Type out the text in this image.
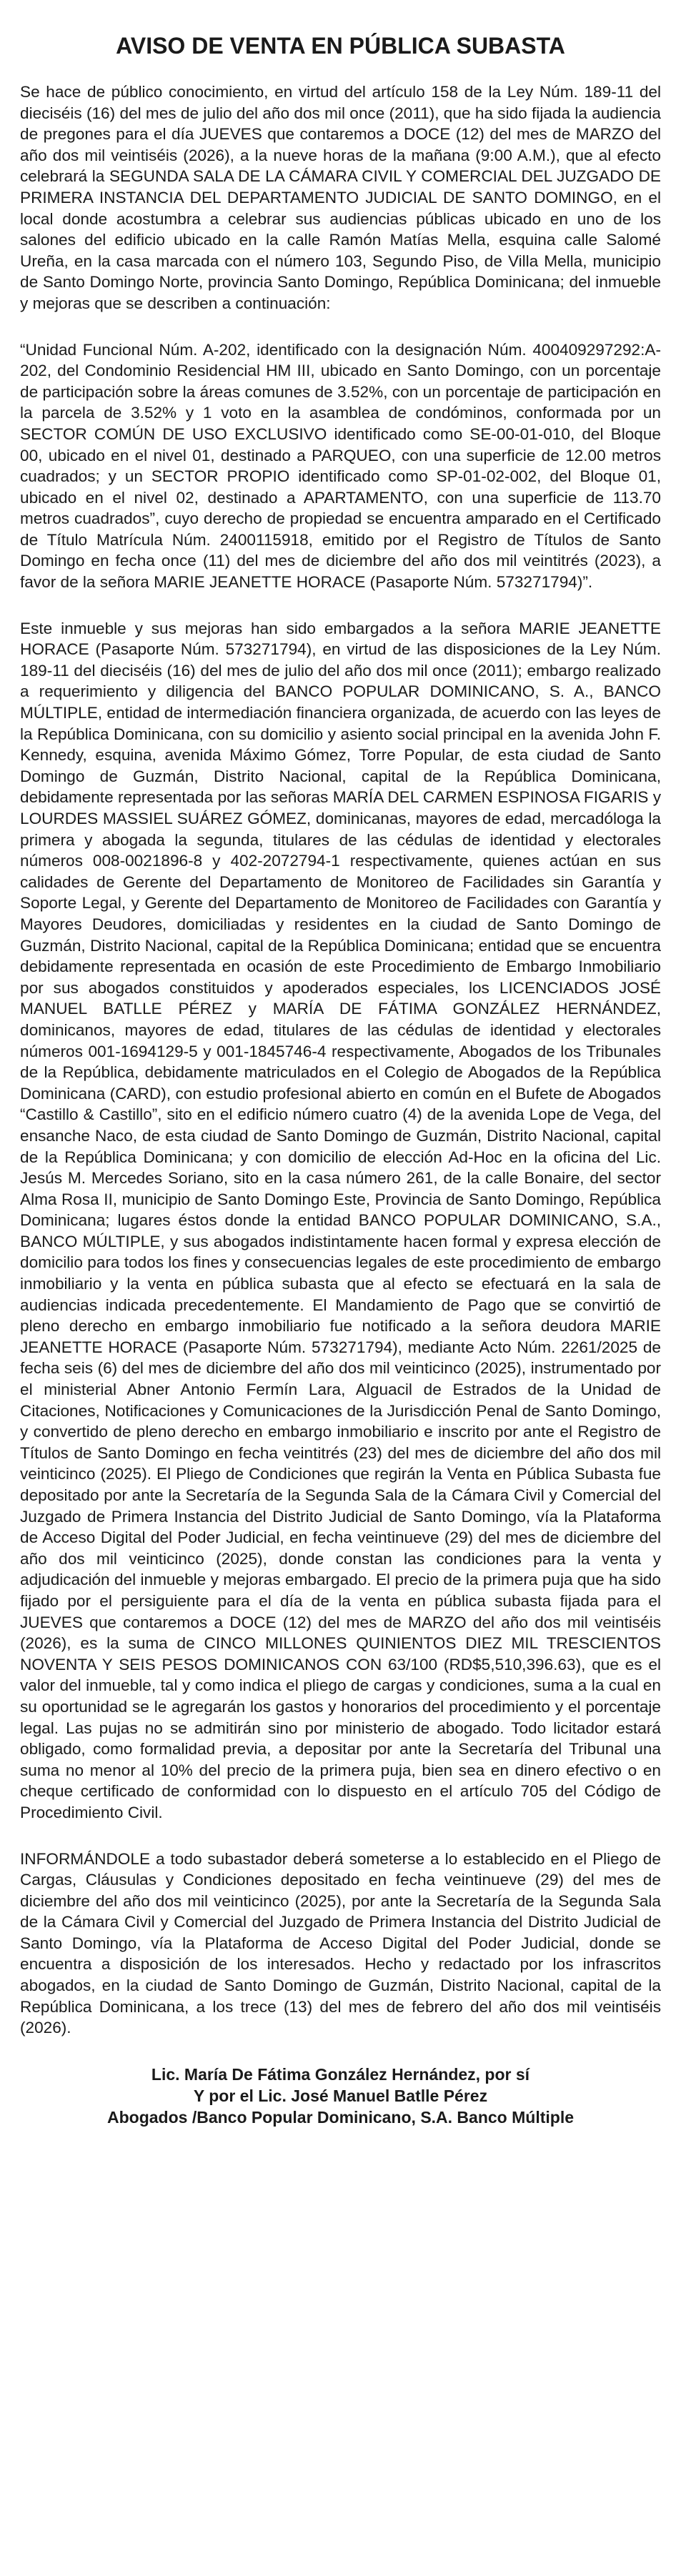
AVISO DE VENTA EN PÚBLICA SUBASTA

Se hace de público conocimiento, en virtud del artículo 158 de la Ley Núm. 189-11 del dieciséis (16) del mes de julio del año dos mil once (2011), que ha sido fijada la audiencia de pregones para el día JUEVES que contaremos a DOCE (12) del mes de MARZO del año dos mil veintiséis (2026), a la nueve horas de la mañana (9:00 A.M.), que al efecto celebrará la SEGUNDA SALA DE LA CÁMARA CIVIL Y COMERCIAL DEL JUZGADO DE PRIMERA INSTANCIA DEL DEPARTAMENTO JUDICIAL DE SANTO DOMINGO, en el local donde acostumbra a celebrar sus audiencias públicas ubicado en uno de los salones del edificio ubicado en la calle Ramón Matías Mella, esquina calle Salomé Ureña, en la casa marcada con el número 103, Segundo Piso, de Villa Mella, municipio de Santo Domingo Norte, provincia Santo Domingo, República Dominicana; del inmueble y mejoras que se describen a continuación:

“Unidad Funcional Núm. A-202, identificado con la designación Núm. 400409297292:A-202, del Condominio Residencial HM III, ubicado en Santo Domingo, con un porcentaje de participación sobre la áreas comunes de 3.52%, con un porcentaje de participación en la parcela de 3.52% y 1 voto en la asamblea de condóminos, conformada por un SECTOR COMÚN DE USO EXCLUSIVO identificado como SE-00-01-010, del Bloque 00, ubicado en el nivel 01, destinado a PARQUEO, con una superficie de 12.00 metros cuadrados; y un SECTOR PROPIO identificado como SP-01-02-002, del Bloque 01, ubicado en el nivel 02, destinado a APARTAMENTO, con una superficie de 113.70 metros cuadrados”, cuyo derecho de propiedad se encuentra amparado en el Certificado de Título Matrícula Núm. 2400115918, emitido por el Registro de Títulos de Santo Domingo en fecha once (11) del mes de diciembre del año dos mil veintitrés (2023), a favor de la señora MARIE JEANETTE HORACE (Pasaporte Núm. 573271794)”.

Este inmueble y sus mejoras han sido embargados a la señora MARIE JEANETTE HORACE (Pasaporte Núm. 573271794), en virtud de las disposiciones de la Ley Núm. 189-11 del dieciséis (16) del mes de julio del año dos mil once (2011); embargo realizado a requerimiento y diligencia del BANCO POPULAR DOMINICANO, S. A., BANCO MÚLTIPLE, entidad de intermediación financiera organizada, de acuerdo con las leyes de la República Dominicana, con su domicilio y asiento social principal en la avenida John F. Kennedy, esquina, avenida Máximo Gómez, Torre Popular, de esta ciudad de Santo Domingo de Guzmán, Distrito Nacional, capital de la República Dominicana, debidamente representada por las señoras MARÍA DEL CARMEN ESPINOSA FIGARIS y LOURDES MASSIEL SUÁREZ GÓMEZ, dominicanas, mayores de edad, mercadóloga la primera y abogada la segunda, titulares de las cédulas de identidad y electorales números 008-0021896-8 y 402-2072794-1 respectivamente, quienes actúan en sus calidades de Gerente del Departamento de Monitoreo de Facilidades sin Garantía y Soporte Legal, y Gerente del Departamento de Monitoreo de Facilidades con Garantía y Mayores Deudores, domiciliadas y residentes en la ciudad de Santo Domingo de Guzmán, Distrito Nacional, capital de la República Dominicana; entidad que se encuentra debidamente representada en ocasión de este Procedimiento de Embargo Inmobiliario por sus abogados constituidos y apoderados especiales, los LICENCIADOS JOSÉ MANUEL BATLLE PÉREZ y MARÍA DE FÁTIMA GONZÁLEZ HERNÁNDEZ, dominicanos, mayores de edad, titulares de las cédulas de identidad y electorales números 001-1694129-5 y 001-1845746-4 respectivamente, Abogados de los Tribunales de la República, debidamente matriculados en el Colegio de Abogados de la República Dominicana (CARD), con estudio profesional abierto en común en el Bufete de Abogados “Castillo & Castillo”, sito en el edificio número cuatro (4) de la avenida Lope de Vega, del ensanche Naco, de esta ciudad de Santo Domingo de Guzmán, Distrito Nacional, capital de la República Dominicana; y con domicilio de elección Ad-Hoc en la oficina del Lic. Jesús M. Mercedes Soriano, sito en la casa número 261, de la calle Bonaire, del sector Alma Rosa II, municipio de Santo Domingo Este, Provincia de Santo Domingo, República Dominicana; lugares éstos donde la entidad BANCO POPULAR DOMINICANO, S.A., BANCO MÚLTIPLE, y sus abogados indistintamente hacen formal y expresa elección de domicilio para todos los fines y consecuencias legales de este procedimiento de embargo inmobiliario y la venta en pública subasta que al efecto se efectuará en la sala de audiencias indicada precedentemente. El Mandamiento de Pago que se convirtió de pleno derecho en embargo inmobiliario fue notificado a la señora deudora MARIE JEANETTE HORACE (Pasaporte Núm. 573271794), mediante Acto Núm. 2261/2025 de fecha seis (6) del mes de diciembre del año dos mil veinticinco (2025), instrumentado por el ministerial Abner Antonio Fermín Lara, Alguacil de Estrados de la Unidad de Citaciones, Notificaciones y Comunicaciones de la Jurisdicción Penal de Santo Domingo, y convertido de pleno derecho en embargo inmobiliario e inscrito por ante el Registro de Títulos de Santo Domingo en fecha veintitrés (23) del mes de diciembre del año dos mil veinticinco (2025). El Pliego de Condiciones que regirán la Venta en Pública Subasta fue depositado por ante la Secretaría de la Segunda Sala de la Cámara Civil y Comercial del Juzgado de Primera Instancia del Distrito Judicial de Santo Domingo, vía la Plataforma de Acceso Digital del Poder Judicial, en fecha veintinueve (29) del mes de diciembre del año dos mil veinticinco (2025), donde constan las condiciones para la venta y adjudicación del inmueble y mejoras embargado. El precio de la primera puja que ha sido fijado por el persiguiente para el día de la venta en pública subasta fijada para el JUEVES que contaremos a DOCE (12) del mes de MARZO del año dos mil veintiséis (2026), es la suma de CINCO MILLONES QUINIENTOS DIEZ MIL TRESCIENTOS NOVENTA Y SEIS PESOS DOMINICANOS CON 63/100 (RD$5,510,396.63), que es el valor del inmueble, tal y como indica el pliego de cargas y condiciones, suma a la cual en su oportunidad se le agregarán los gastos y honorarios del procedimiento y el porcentaje legal. Las pujas no se admitirán sino por ministerio de abogado. Todo licitador estará obligado, como formalidad previa, a depositar por ante la Secretaría del Tribunal una suma no menor al 10% del precio de la primera puja, bien sea en dinero efectivo o en cheque certificado de conformidad con lo dispuesto en el artículo 705 del Código de Procedimiento Civil.

INFORMÁNDOLE a todo subastador deberá someterse a lo establecido en el Pliego de Cargas, Cláusulas y Condiciones depositado en fecha veintinueve (29) del mes de diciembre del año dos mil veinticinco (2025), por ante la Secretaría de la Segunda Sala de la Cámara Civil y Comercial del Juzgado de Primera Instancia del Distrito Judicial de Santo Domingo, vía la Plataforma de Acceso Digital del Poder Judicial, donde se encuentra a disposición de los interesados. Hecho y redactado por los infrascritos abogados, en la ciudad de Santo Domingo de Guzmán, Distrito Nacional, capital de la República Dominicana, a los trece (13) del mes de febrero del año dos mil veintiséis (2026).

Lic. María De Fátima González Hernández, por sí
Y por el Lic. José Manuel Batlle Pérez
Abogados /Banco Popular Dominicano, S.A. Banco Múltiple
